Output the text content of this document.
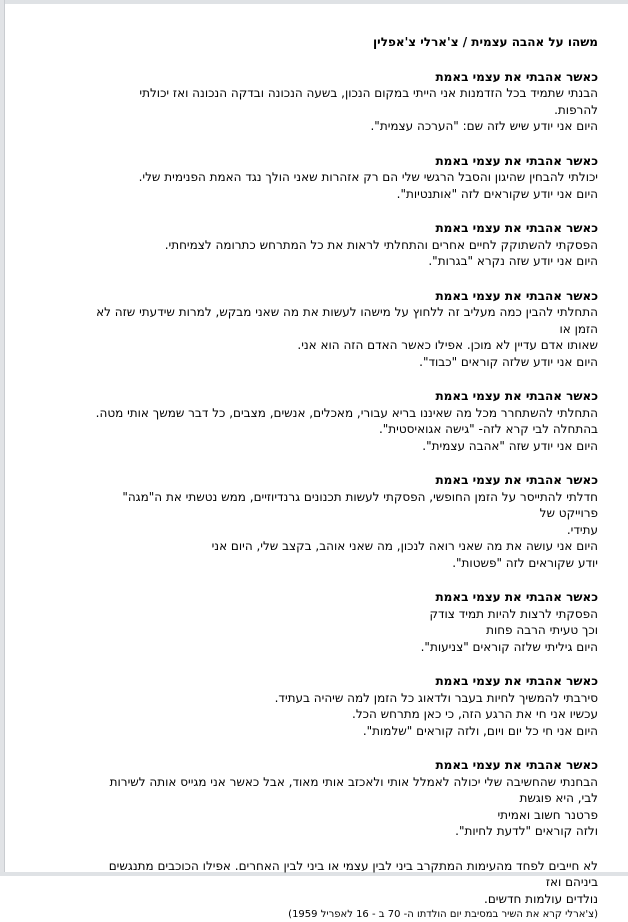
משהו על אהבה עצמית / צ'ארלי צ'אפלין
כאשר אהבתי את עצמי באמת
הבנתי שתמיד בכל הזדמנות אני הייתי במקום הנכון, בשעה הנכונה ובדקה הנכונה ואז יכולתי להרפות.
היום אני יודע שיש לזה שם: "הערכה עצמית".
כאשר אהבתי את עצמי באמת
יכולתי להבחין שהיגון והסבל הרגשי שלי הם רק אזהרות שאני הולך נגד האמת הפנימית שלי.
היום אני יודע שקוראים לזה "אותנטיות".
כאשר אהבתי את עצמי באמת
הפסקתי להשתוקק לחיים אחרים והתחלתי לראות את כל המתרחש כתרומה לצמיחתי.
היום אני יודע שזה נקרא "בגרות".
כאשר אהבתי את עצמי באמת
התחלתי להבין כמה מעליב זה ללחוץ על מישהו לעשות את מה שאני מבקש, למרות שידעתי שזה לא הזמן או
שאותו אדם עדיין לא מוכן. אפילו כאשר האדם הזה הוא אני.
היום אני יודע שלזה קוראים "כבוד".
כאשר אהבתי את עצמי באמת
התחלתי להשתחרר מכל מה שאיננו בריא עבורי, מאכלים, אנשים, מצבים, כל דבר שמשך אותי מטה.
בהתחלה לבי קרא לזה- "גישה אגואיסטית".
היום אני יודע שזה "אהבה עצמית".
כאשר אהבתי את עצמי באמת
חדלתי להתייסר על הזמן החופשי, הפסקתי לעשות תכנונים גרנדיוזיים, ממש נטשתי את ה"מגה" פרוייקט של
עתידי.
היום אני עושה את מה שאני רואה לנכון, מה שאני אוהב, בקצב שלי, היום אני
יודע שקוראים לזה "פשטות".
כאשר אהבתי את עצמי באמת
הפסקתי לרצות להיות תמיד צודק
וכך טעיתי הרבה פחות
היום גיליתי שלזה קוראים "צניעות".
כאשר אהבתי את עצמי באמת
סירבתי להמשיך לחיות בעבר ולדאוג כל הזמן למה שיהיה בעתיד.
עכשיו אני חי את הרגע הזה, כי כאן מתרחש הכל.
היום אני חי כל יום ויום, ולזה קוראים "שלמות".
כאשר אהבתי את עצמי באמת
הבחנתי שהחשיבה שלי יכולה לאמלל אותי ולאכזב אותי מאוד, אבל כאשר אני מגייס אותה לשירות לבי, היא פוגשת
פרטנר חשוב ואמיתי
ולזה קוראים "לדעת לחיות".
לא חייבים לפחד מהעימות המתקרב ביני לבין עצמי או ביני לבין האחרים. אפילו הכוכבים מתנגשים ביניהם ואז
נולדים עולמות חדשים.
(צ'ארלי קרא את השיר במסיבת יום הולדתו ה- 70 ב - 16 לאפריל 1959)
